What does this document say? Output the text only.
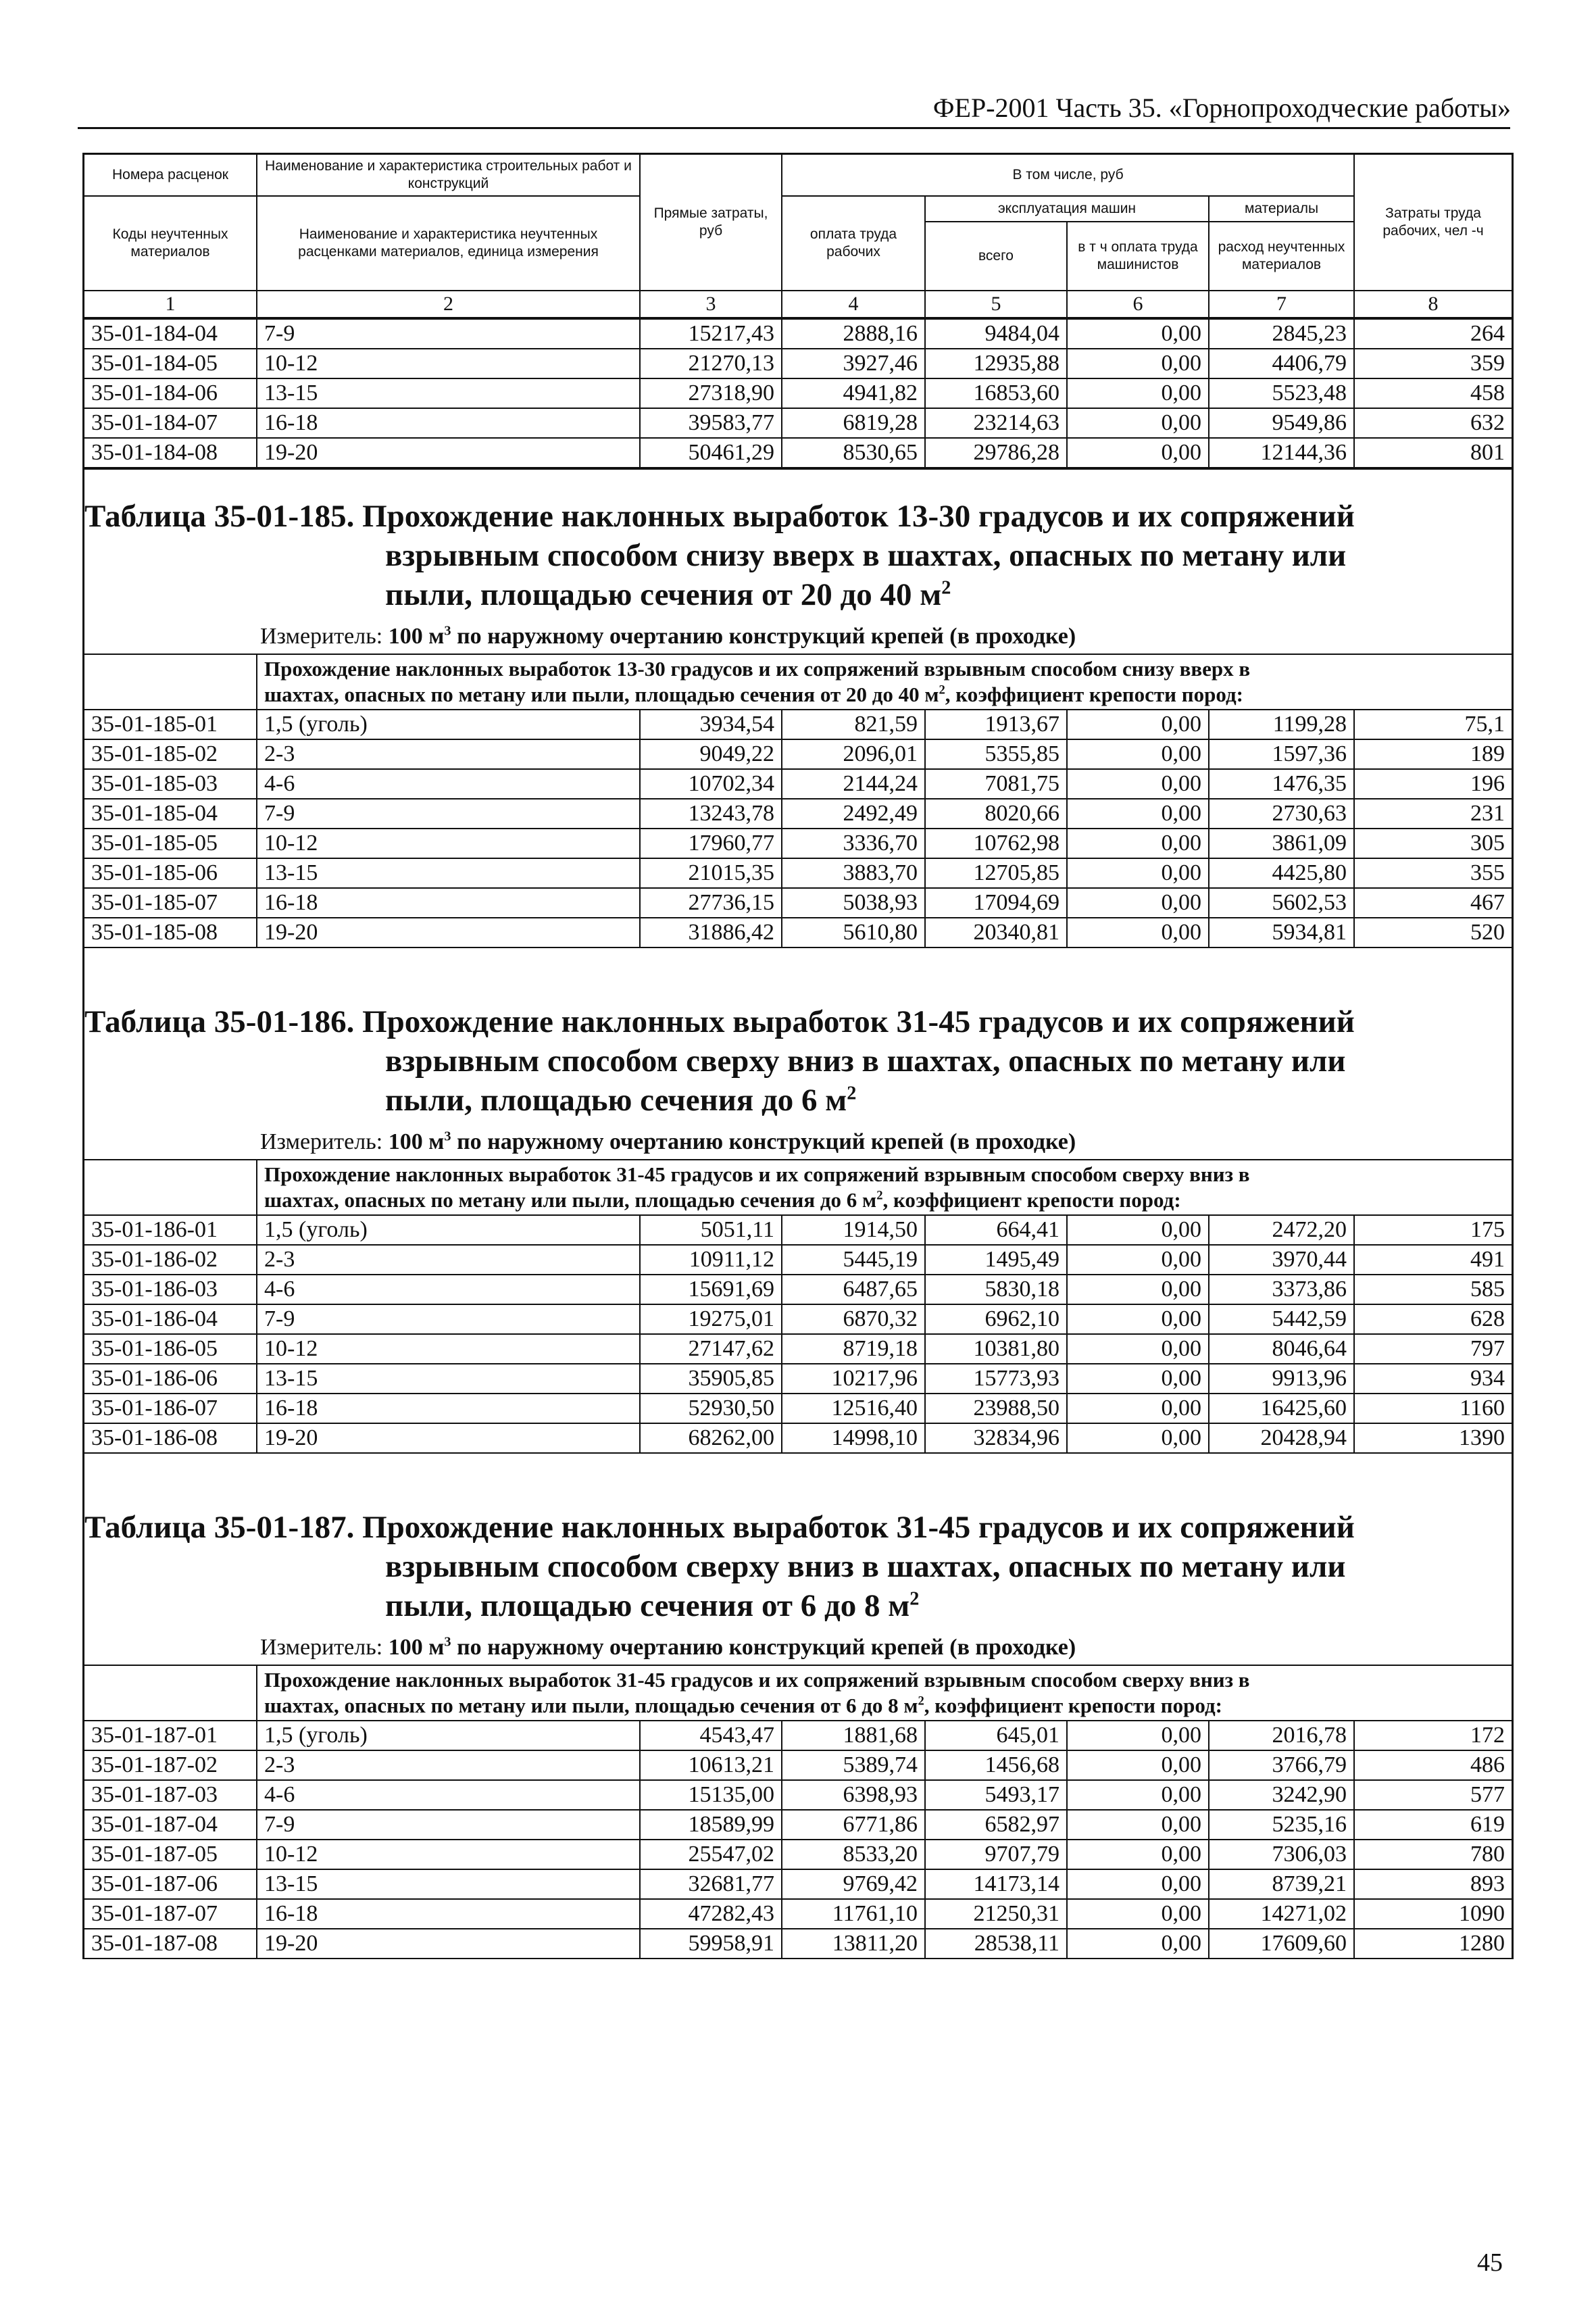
ФЕР-2001 Часть 35. «Горнопроходческие работы»
Номера расценок	Наименование и характеристика строительных работ и конструкций	Прямые затраты, руб	В том числе, руб				Затраты труда рабочих, чел -ч
Коды неучтенных материалов	Наименование и характеристика неучтенных расценками материалов, единица измерения		оплата труда рабочих	эксплуатация машин		материалы	
				всего	в т ч оплата труда машинистов	расход неучтенных материалов	
1	2	3	4	5	6	7	8
35-01-184-04	7-9	15217,43	2888,16	9484,04	0,00	2845,23	264
35-01-184-05	10-12	21270,13	3927,46	12935,88	0,00	4406,79	359
35-01-184-06	13-15	27318,90	4941,82	16853,60	0,00	5523,48	458
35-01-184-07	16-18	39583,77	6819,28	23214,63	0,00	9549,86	632
35-01-184-08	19-20	50461,29	8530,65	29786,28	0,00	12144,36	801
Таблица 35-01-185. Прохождение наклонных выработок 13-30 градусов и их сопряжений
взрывным способом снизу вверх в шахтах, опасных по метану или
пыли, площадью сечения от 20 до 40 $м^2$
Измеритель: 100 $м^3$ по наружному очертанию конструкций крепей (в проходке)
	Прохождение наклонных выработок 13-30 градусов и их сопряжений взрывным способом снизу вверх в
шахтах, опасных по метану или пыли, площадью сечения от 20 до 40 $м^2$, коэффициент крепости пород:						
35-01-185-01	1,5 (уголь)	3934,54	821,59	1913,67	0,00	1199,28	75,1
35-01-185-02	2-3	9049,22	2096,01	5355,85	0,00	1597,36	189
35-01-185-03	4-6	10702,34	2144,24	7081,75	0,00	1476,35	196
35-01-185-04	7-9	13243,78	2492,49	8020,66	0,00	2730,63	231
35-01-185-05	10-12	17960,77	3336,70	10762,98	0,00	3861,09	305
35-01-185-06	13-15	21015,35	3883,70	12705,85	0,00	4425,80	355
35-01-185-07	16-18	27736,15	5038,93	17094,69	0,00	5602,53	467
35-01-185-08	19-20	31886,42	5610,80	20340,81	0,00	5934,81	520
Таблица 35-01-186. Прохождение наклонных выработок 31-45 градусов и их сопряжений
взрывным способом сверху вниз в шахтах, опасных по метану или
пыли, площадью сечения до 6 $м^2$
Измеритель: 100 $м^3$ по наружному очертанию конструкций крепей (в проходке)
	Прохождение наклонных выработок 31-45 градусов и их сопряжений взрывным способом сверху вниз в
шахтах, опасных по метану или пыли, площадью сечения до 6 $м^2$, коэффициент крепости пород:						
35-01-186-01	1,5 (уголь)	5051,11	1914,50	664,41	0,00	2472,20	175
35-01-186-02	2-3	10911,12	5445,19	1495,49	0,00	3970,44	491
35-01-186-03	4-6	15691,69	6487,65	5830,18	0,00	3373,86	585
35-01-186-04	7-9	19275,01	6870,32	6962,10	0,00	5442,59	628
35-01-186-05	10-12	27147,62	8719,18	10381,80	0,00	8046,64	797
35-01-186-06	13-15	35905,85	10217,96	15773,93	0,00	9913,96	934
35-01-186-07	16-18	52930,50	12516,40	23988,50	0,00	16425,60	1160
35-01-186-08	19-20	68262,00	14998,10	32834,96	0,00	20428,94	1390
Таблица 35-01-187. Прохождение наклонных выработок 31-45 градусов и их сопряжений
взрывным способом сверху вниз в шахтах, опасных по метану или
пыли, площадью сечения от 6 до 8 $м^2$
Измеритель: 100 $м^3$ по наружному очертанию конструкций крепей (в проходке)
	Прохождение наклонных выработок 31-45 градусов и их сопряжений взрывным способом сверху вниз в
шахтах, опасных по метану или пыли, площадью сечения от 6 до 8 $м^2$, коэффициент крепости пород:						
35-01-187-01	1,5 (уголь)	4543,47	1881,68	645,01	0,00	2016,78	172
35-01-187-02	2-3	10613,21	5389,74	1456,68	0,00	3766,79	486
35-01-187-03	4-6	15135,00	6398,93	5493,17	0,00	3242,90	577
35-01-187-04	7-9	18589,99	6771,86	6582,97	0,00	5235,16	619
35-01-187-05	10-12	25547,02	8533,20	9707,79	0,00	7306,03	780
35-01-187-06	13-15	32681,77	9769,42	14173,14	0,00	8739,21	893
35-01-187-07	16-18	47282,43	11761,10	21250,31	0,00	14271,02	1090
35-01-187-08	19-20	59958,91	13811,20	28538,11	0,00	17609,60	1280
45
